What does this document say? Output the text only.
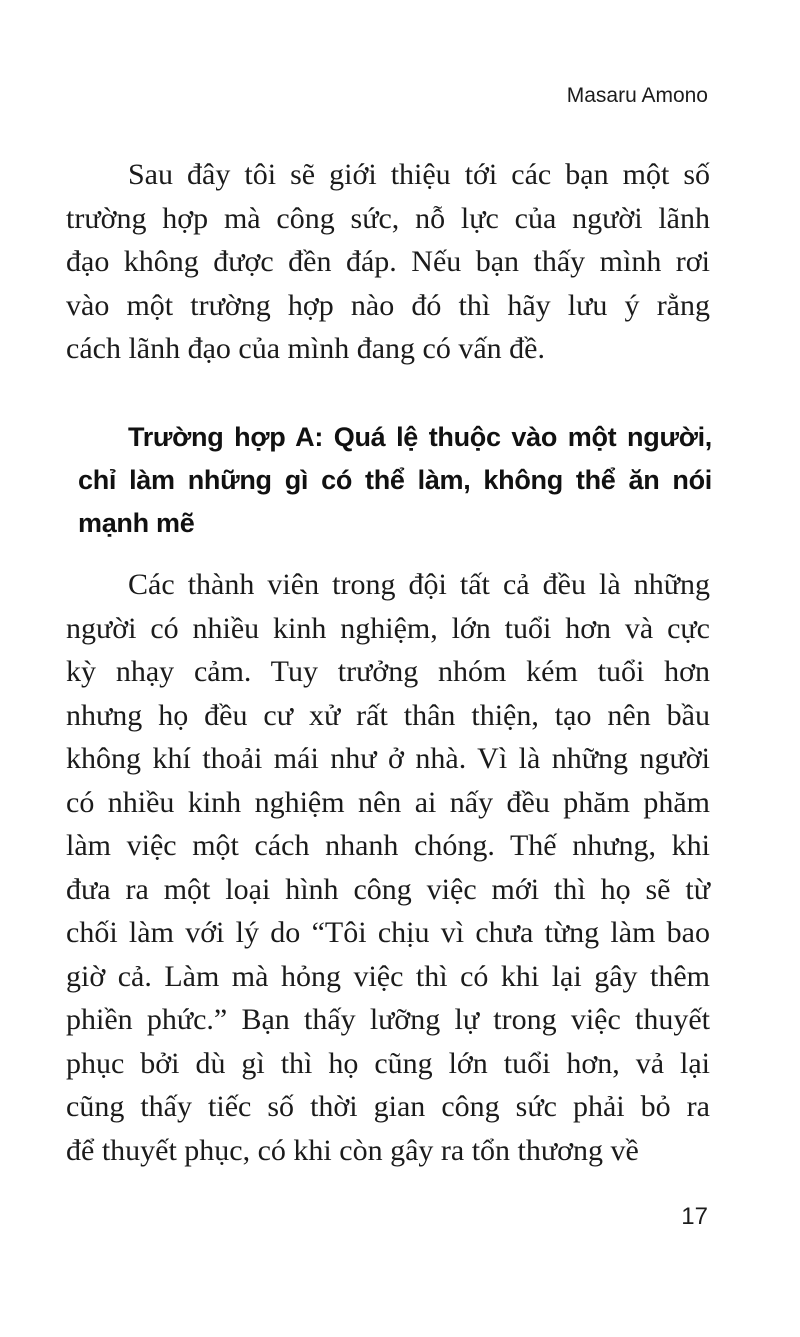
Masaru Amono
Sau đây tôi sẽ giới thiệu tới các bạn một số
trường hợp mà công sức, nỗ lực của người lãnh
đạo không được đền đáp. Nếu bạn thấy mình rơi
vào một trường hợp nào đó thì hãy lưu ý rằng
cách lãnh đạo của mình đang có vấn đề.
Trường hợp A: Quá lệ thuộc vào một người,
chỉ làm những gì có thể làm, không thể ăn nói
mạnh mẽ
Các thành viên trong đội tất cả đều là những
người có nhiều kinh nghiệm, lớn tuổi hơn và cực
kỳ nhạy cảm. Tuy trưởng nhóm kém tuổi hơn
nhưng họ đều cư xử rất thân thiện, tạo nên bầu
không khí thoải mái như ở nhà. Vì là những người
có nhiều kinh nghiệm nên ai nấy đều phăm phăm
làm việc một cách nhanh chóng. Thế nhưng, khi
đưa ra một loại hình công việc mới thì họ sẽ từ
chối làm với lý do “Tôi chịu vì chưa từng làm bao
giờ cả. Làm mà hỏng việc thì có khi lại gây thêm
phiền phức.” Bạn thấy lưỡng lự trong việc thuyết
phục bởi dù gì thì họ cũng lớn tuổi hơn, vả lại
cũng thấy tiếc số thời gian công sức phải bỏ ra
để thuyết phục, có khi còn gây ra tổn thương về
17
